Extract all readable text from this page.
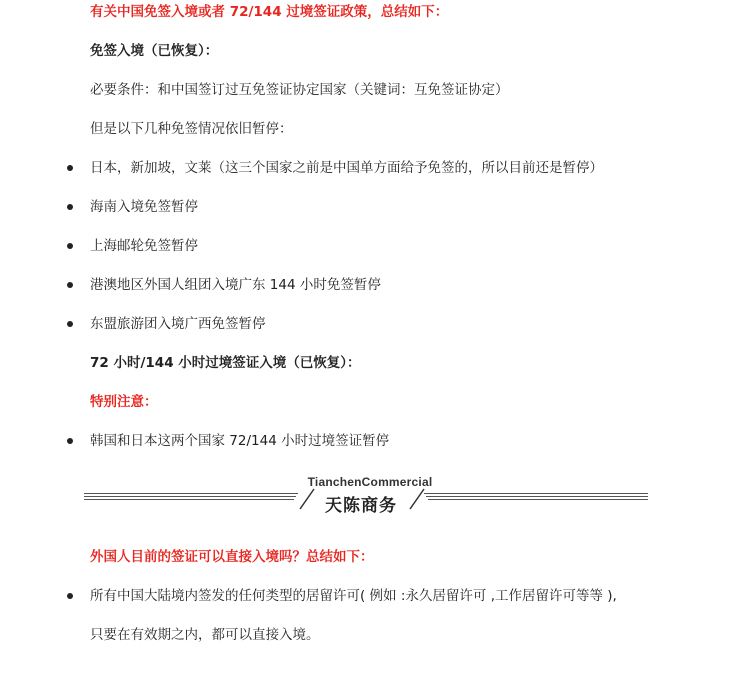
有关中国免签入境或者 72/144 过境签证政策，总结如下：
免签入境（已恢复）：
必要条件：和中国签订过互免签证协定国家（关键词：互免签证协定）
但是以下几种免签情况依旧暂停：
日本，新加坡，文莱（这三个国家之前是中国单方面给予免签的，所以目前还是暂停）
海南入境免签暂停
上海邮轮免签暂停
港澳地区外国人组团入境广东 144 小时免签暂停
东盟旅游团入境广西免签暂停
72 小时/144 小时过境签证入境（已恢复）：
特别注意：
韩国和日本这两个国家 72/144 小时过境签证暂停
TianchenCommercial
天陈商务
外国人目前的签证可以直接入境吗？总结如下：
所有中国大陆境内签发的任何类型的居留许可( 例如 :永久居留许可 ,工作居留许可等等 ),
只要在有效期之内，都可以直接入境。
